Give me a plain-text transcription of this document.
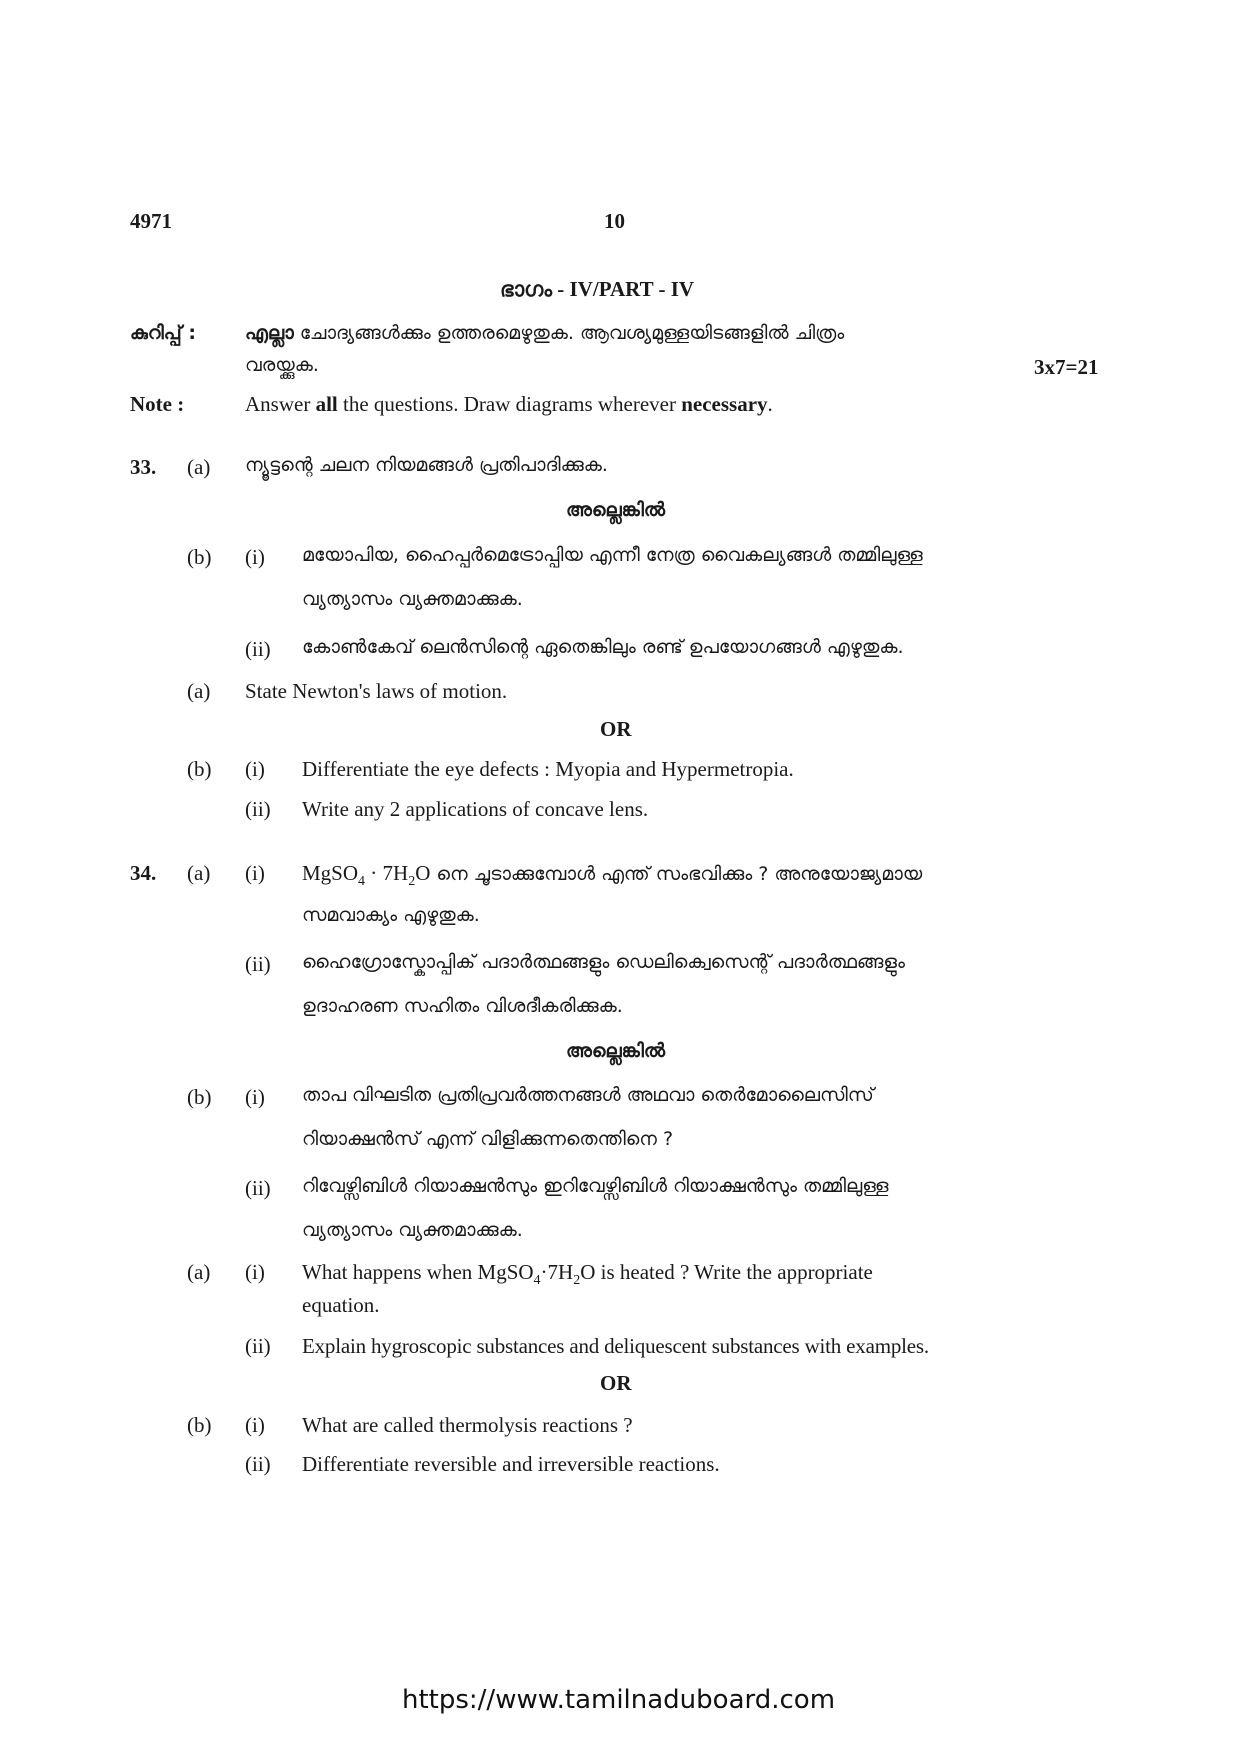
4971	10
ഭാഗം - IV/PART - IV
കുറിപ്പ് :	എല്ലാ ചോദ്യങ്ങൾക്കും ഉത്തരമെഴുതുക. ആവശ്യമുള്ളയിടങ്ങളിൽ ചിത്രം
വരയ്ക്കുക.	3x7=21
Note :	Answer all the questions. Draw diagrams wherever necessary.
33. (a) ന്യൂട്ടന്റെ ചലന നിയമങ്ങൾ പ്രതിപാദിക്കുക.
അല്ലെങ്കിൽ
(b) (i) മയോപിയ, ഹൈപ്പർമെട്രോപ്പിയ എന്നീ നേത്ര വൈകല്യങ്ങൾ തമ്മിലുള്ള
വ്യത്യാസം വ്യക്തമാക്കുക.
(ii) കോൺകേവ് ലെൻസിന്റെ ഏതെങ്കിലും രണ്ട് ഉപയോഗങ്ങൾ എഴുതുക.
(a) State Newton's laws of motion.
OR
(b) (i) Differentiate the eye defects : Myopia and Hypermetropia.
(ii) Write any 2 applications of concave lens.
34. (a) (i) MgSO$_4$ · $7H_2O$ നെ ചൂടാക്കുമ്പോൾ എന്ത് സംഭവിക്കും ? അനുയോജ്യമായ
സമവാക്യം എഴുതുക.
(ii) ഹൈഗ്രോസ്കോപ്പിക് പദാർത്ഥങ്ങളും ഡെലിക്വെസെന്റ് പദാർത്ഥങ്ങളും
ഉദാഹരണ സഹിതം വിശദീകരിക്കുക.
അല്ലെങ്കിൽ
(b) (i) താപ വിഘടിത പ്രതിപ്രവർത്തനങ്ങൾ അഥവാ തെർമോലൈസിസ്
റിയാക്ഷൻസ് എന്ന് വിളിക്കുന്നതെന്തിനെ ?
(ii) റിവേഴ്സിബിൾ റിയാക്ഷൻസും ഇറിവേഴ്സിബിൾ റിയാക്ഷൻസും തമ്മിലുള്ള
വ്യത്യാസം വ്യക്തമാക്കുക.
(a) (i) What happens when $MgSO_4\cdot 7H_2O$ is heated ? Write the appropriate
equation.
(ii) Explain hygroscopic substances and deliquescent substances with examples.
OR
(b) (i) What are called thermolysis reactions ?
(ii) Differentiate reversible and irreversible reactions.
https://www.tamilnaduboard.com
